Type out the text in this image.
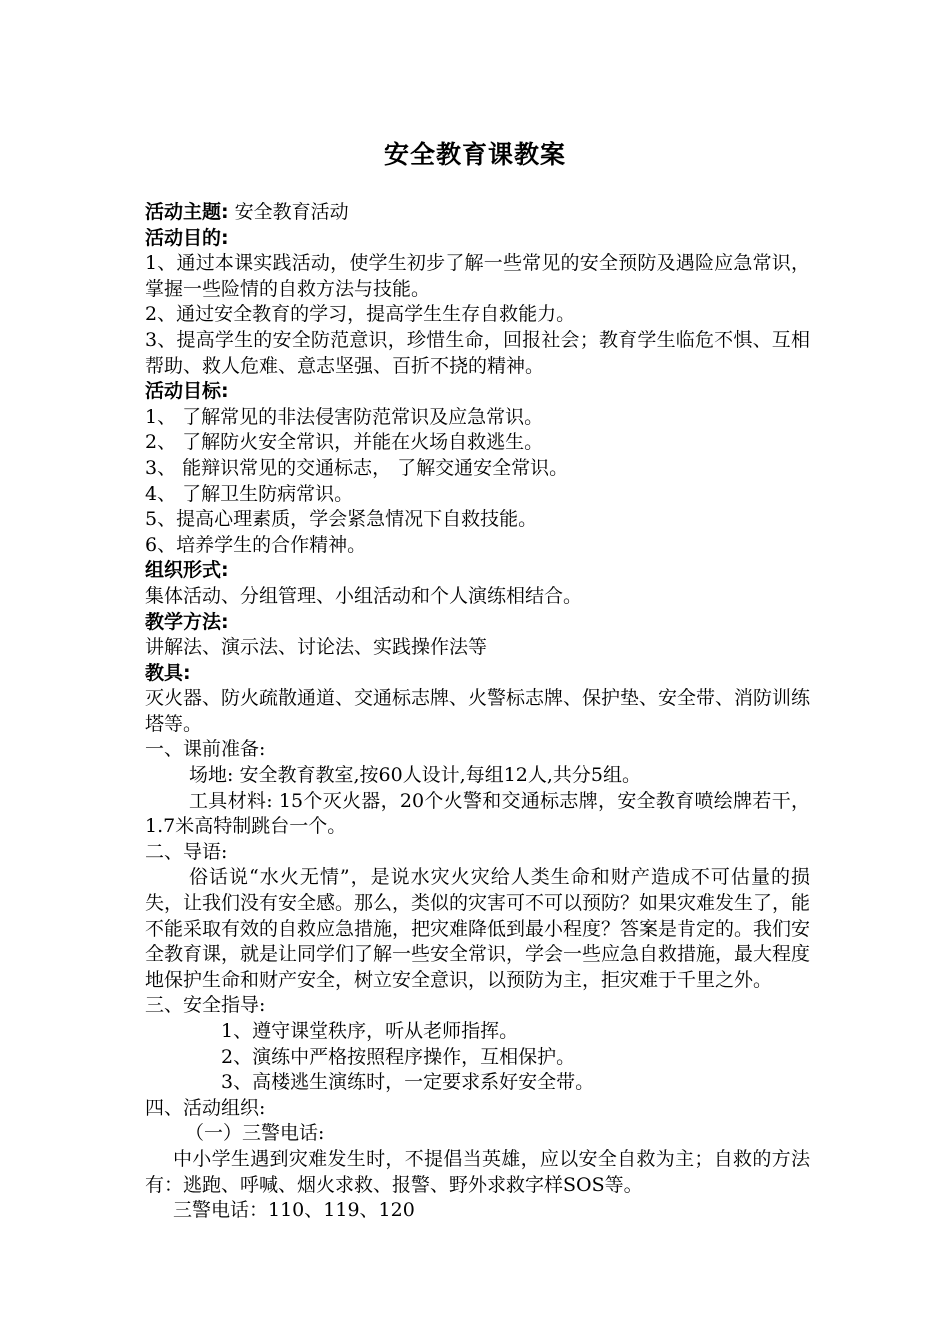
安全教育课教案
活动主题: 安全教育活动
活动目的:
1、通过本课实践活动，使学生初步了解一些常见的安全预防及遇险应急常识，掌握一些险情的自救方法与技能。
2、通过安全教育的学习，提高学生生存自救能力。
3、提高学生的安全防范意识，珍惜生命，回报社会；教育学生临危不惧、互相帮助、救人危难、意志坚强、百折不挠的精神。
活动目标:
1、 了解常见的非法侵害防范常识及应急常识。
2、 了解防火安全常识，并能在火场自救逃生。
3、 能辩识常见的交通标志， 了解交通安全常识。
4、 了解卫生防病常识。
5、提高心理素质，学会紧急情况下自救技能。
6、培养学生的合作精神。
组织形式:
集体活动、分组管理、小组活动和个人演练相结合。
教学方法:
讲解法、演示法、讨论法、实践操作法等
教具:
灭火器、防火疏散通道、交通标志牌、火警标志牌、保护垫、安全带、消防训练塔等。
一、课前准备:
场地: 安全教育教室,按60人设计,每组12人,共分5组。
工具材料: 15个灭火器，20个火警和交通标志牌，安全教育喷绘牌若干，1.7米高特制跳台一个。
二、导语:
俗话说“水火无情”，是说水灾火灾给人类生命和财产造成不可估量的损失，让我们没有安全感。那么，类似的灾害可不可以预防？如果灾难发生了，能不能采取有效的自救应急措施，把灾难降低到最小程度？答案是肯定的。我们安全教育课，就是让同学们了解一些安全常识，学会一些应急自救措施，最大程度地保护生命和财产安全，树立安全意识，以预防为主，拒灾难于千里之外。
三、安全指导:
1、遵守课堂秩序，听从老师指挥。
2、演练中严格按照程序操作，互相保护。
3、高楼逃生演练时，一定要求系好安全带。
四、活动组织:
（一）三警电话:
中小学生遇到灾难发生时，不提倡当英雄，应以安全自救为主；自救的方法有：逃跑、呼喊、烟火求救、报警、野外求救字样SOS等。
三警电话：110、119、120
